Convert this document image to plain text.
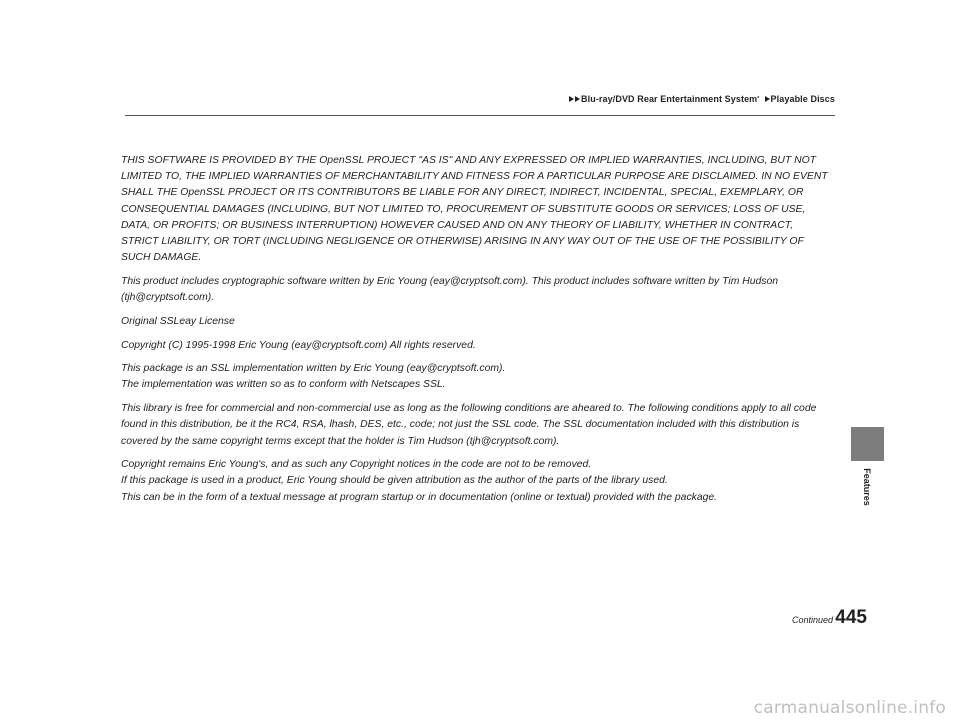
Blu-ray/DVD Rear Entertainment System * Playable Discs
Features

THIS SOFTWARE IS PROVIDED BY THE OpenSSL PROJECT "AS IS" AND ANY EXPRESSED OR IMPLIED WARRANTIES, INCLUDING, BUT NOT LIMITED TO, THE IMPLIED WARRANTIES OF MERCHANTABILITY AND FITNESS FOR A PARTICULAR PURPOSE ARE DISCLAIMED. IN NO EVENT SHALL THE OpenSSL PROJECT OR ITS CONTRIBUTORS BE LIABLE FOR ANY DIRECT, INDIRECT, INCIDENTAL, SPECIAL, EXEMPLARY, OR CONSEQUENTIAL DAMAGES (INCLUDING, BUT NOT LIMITED TO, PROCUREMENT OF SUBSTITUTE GOODS OR SERVICES; LOSS OF USE, DATA, OR PROFITS; OR BUSINESS INTERRUPTION) HOWEVER CAUSED AND ON ANY THEORY OF LIABILITY, WHETHER IN CONTRACT, STRICT LIABILITY, OR TORT (INCLUDING NEGLIGENCE OR OTHERWISE) ARISING IN ANY WAY OUT OF THE USE OF THE POSSIBILITY OF SUCH DAMAGE.

This product includes cryptographic software written by Eric Young (eay@cryptsoft.com). This product includes software written by Tim Hudson (tjh@cryptsoft.com).

Original SSLeay License

Copyright (C) 1995-1998 Eric Young (eay@cryptsoft.com) All rights reserved.

This package is an SSL implementation written by Eric Young (eay@cryptsoft.com).
The implementation was written so as to conform with Netscapes SSL.

This library is free for commercial and non-commercial use as long as the following conditions are aheared to. The following conditions apply to all code found in this distribution, be it the RC4, RSA, lhash, DES, etc., code; not just the SSL code. The SSL documentation included with this distribution is covered by the same copyright terms except that the holder is Tim Hudson (tjh@cryptsoft.com).

Copyright remains Eric Young's, and as such any Copyright notices in the code are not to be removed.
If this package is used in a product, Eric Young should be given attribution as the author of the parts of the library used.
This can be in the form of a textual message at program startup or in documentation (online or textual) provided with the package.

Continued 445
carmanualsonline.info
